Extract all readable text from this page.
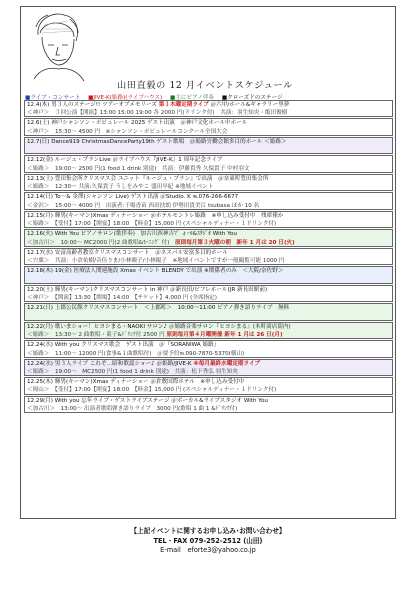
山田直毅の 12 月イベントスケジュール
■ライブ・コンサート ■JIVE-K(姫路)(ライブハウス) ■主にピアノ伴奏 ■クローズドのステージ
12.4(木) 男３人のステージ!! ツアーオブメモリーズ 第１木曜定期ライブ ＠六甲/ホール&ギャラリー里夢
＜神戸＞　３回公演【開演】13:00 15:00 19:00 各 2000 円(ドリンク付)　共演：羽生知央・飯田俊樹
12.6(土) 神戸シャンソン・ポピュレール 2025 ゲスト出演　＠神戸文化ホール中ホール
＜神戸＞　15:30～ 4500 円　※シャンソン・ポピュレールコンクール全国大会
12.7(日) Dance919 ChristmasDanceParty19th ゲスト歌唱　＠姫路労働会館多目的ホール ＜姫路＞
12.12(金) ルージュ・ブランLive ＠ライブハウス『JIVE-K』1 周年記念ライブ
＜姫路＞　19:00～ 2500 円(1 food 1 drink 別途)　共演：伊藤貴秀 久保貴子 中村羽文
12.13(土) 豊田集会所クリスマス会 ユニット『ルージュ・ブラン』で出演　＠奈東町豊田集会所
＜姫路＞　12:30～ 共演:久保貴子 うしをみやこ 盛田早紀 ※地域イベント
12.14(日) To～& 金澤(シャンソン Live) ゲスト出演 ＠Studio. K ℡076-266-6677
＜金沢＞　15:00～ 4000 円　出演者:千場香苗 西田扶朗 伊勢田貴美江 tsubasa ほか 10 名
12.15(月) 輝男(キーマン)Xmas ディナーショー ＠ホテルモントレ姫路　※申し込み受付中　残席僅か
＜姫路＞　【受付】17:00【開宴】18:00　【料金】15,000 円 (スペシャルディナー・１ドリンク付)
12.16(火) With You ピアノサロン(歌伴奏)　加古川西神吉ﾏﾞ ォｰﾙ&ｽﾀｼﾞｵ With You
＜加古川＞　10:00～ MC2000 円(2 曲歌唱&ﾓｰﾆﾝｸﾞ 付)　原則毎月第３火曜の朝　新年 1 月は 20 日(火)
12.17(水) 安富高齢者教室クリスマスコンサート　＠ネスパル安富多目的ホール
＜宍粟＞　共演：小倉佑樹/音佳りま/小林瞳子/小林陽子　※地域イベントですが一般観覧可能 1000 円
12.18(木) 19(金) 医療法人関連施設 Xmas イベント BLENDY で出演 ※関係者のみ　＜大阪/奈佐野＞
12.20(土) 輝男(キーマン)クリスマスコンサート in 神戸 ＠新長田/ピフレホール(JR 新長田駅前)
＜神戸＞　【開演】13:30【開場】14:00　【チケット】4,000 円 (全席指定)
12.21(日) 上郡公民館クリスマスコンサート　＜上郡町＞　10:00～11:00 ピアノ弾き語りライブ　無料
12.22(月) 歌いまショー！ヒヨシまる・NAOKI サロン♪ ＠姫路音楽サロン『ヒヨシまる』(本町商店街内)
＜姫路＞　13:30～ 2 曲歌唱・菓子&ﾄﾞﾘﾝｸ付 2500 円 原則毎月第４月曜開催 新年 1 月は 26 日(月)
12.24(水) With you クリスマス歌会　ゲスト出演　＠『SORANIWA 姫路』
＜姫路＞　11:00～ 12000 円(食事&１曲歌唱付)　＠要予約℡090-7870-5370(横山)
12.24(水) 男３人ライブ これぞ…昭和歌謡ショー♪ ＠姫路/JIVE-K ※毎月最終水曜定期ライブ
＜姫路＞　19:00～　MC2500 円(1 food 1 drink 別途)　共演：松下秀弘 羽生知央
12.25(木) 輝男(キーマン)Xmas ディナーショー ＠倉敷国際ホテル　※申し込み受付中
＜岡山＞　【受付】17:00【開宴】18:00　【料金】15,000 円 (スペシャルディナー・１ドリンク付)
12.29(月) With you 忘年ライブ・ゲストライブステージ ＠ボーカル&ライブスタジオ With You
＜加古川＞　13:00～ 出演者歌唱弾き語りライブ　3000 円(歌唱 1 曲 1 &ﾄﾞﾘﾝｸ付)
【上記イベントに関するお申し込み･お問い合わせ】
TEL・FAX 079-252-2512 (山田)
E-mail　eforte3@yahoo.co.jp
